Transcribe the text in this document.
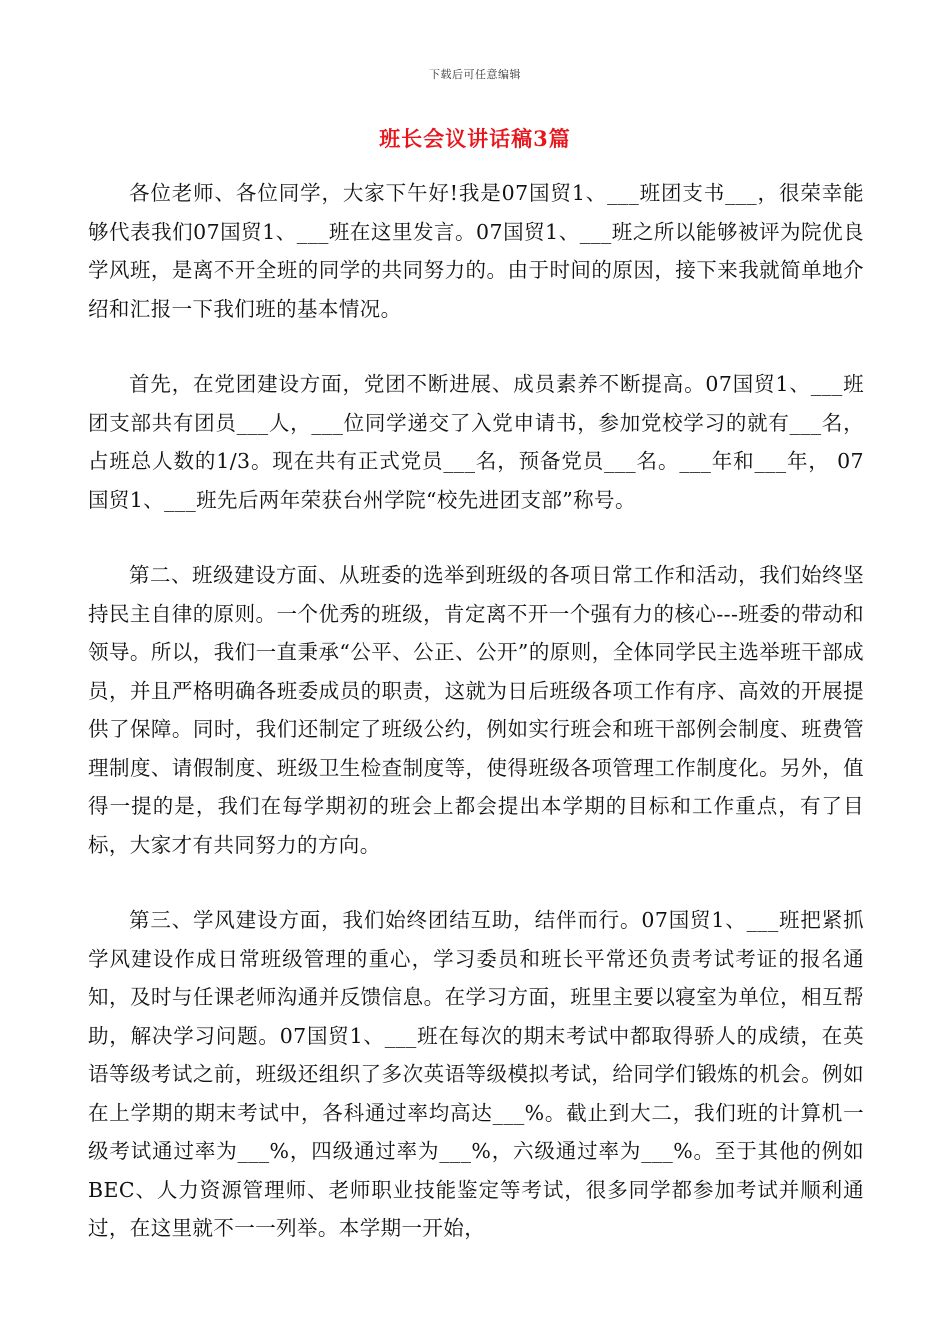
下载后可任意编辑
班长会议讲话稿3篇

各位老师、各位同学，大家下午好!我是07国贸1、___班团支书___，很荣幸能够代表我们07国贸1、___班在这里发言。07国贸1、___班之所以能够被评为院优良学风班，是离不开全班的同学的共同努力的。由于时间的原因，接下来我就简单地介绍和汇报一下我们班的基本情况。

首先，在党团建设方面，党团不断进展、成员素养不断提高。07国贸1、___班 团支部共有团员___人，___位同学递交了入党申请书，参加党校学习的就有___名， 占班总人数的1/3。现在共有正式党员___名，预备党员___名。___年和___年， 07国贸1、___班先后两年荣获台州学院“校先进团支部”称号。

第二、班级建设方面、从班委的选举到班级的各项日常工作和活动，我们始终坚持民主自律的原则。一个优秀的班级，肯定离不开一个强有力的核心---班委的带动和领导。所以，我们一直秉承“公平、公正、公开”的原则，全体同学民主选举班干部成员，并且严格明确各班委成员的职责，这就为日后班级各项工作有序、高效的开展提供了保障。同时，我们还制定了班级公约，例如实行班会和班干部例会制度、班费管理制度、请假制度、班级卫生检查制度等，使得班级各项管理工作制度化。另外，值得一提的是，我们在每学期初的班会上都会提出本学期的目标和工作重点，有了目标，大家才有共同努力的方向。

第三、学风建设方面，我们始终团结互助，结伴而行。07国贸1、___班把紧抓学风建设作成日常班级管理的重心，学习委员和班长平常还负责考试考证的报名通知，及时与任课老师沟通并反馈信息。在学习方面，班里主要以寝室为单位，相互帮助，解决学习问题。07国贸1、___班在每次的期末考试中都取得骄人的成绩，在英语等级考试之前，班级还组织了多次英语等级模拟考试，给同学们锻炼的机会。例如在上学期的期末考试中，各科通过率均高达___%。截止到大二，我们班的计算机一级考试通过率为___%，四级通过率为___%，六级通过率为___%。至于其他的例如BEC、人力资源管理师、老师职业技能鉴定等考试，很多同学都参加考试并顺利通过，在这里就不一一列举。本学期一开始，
